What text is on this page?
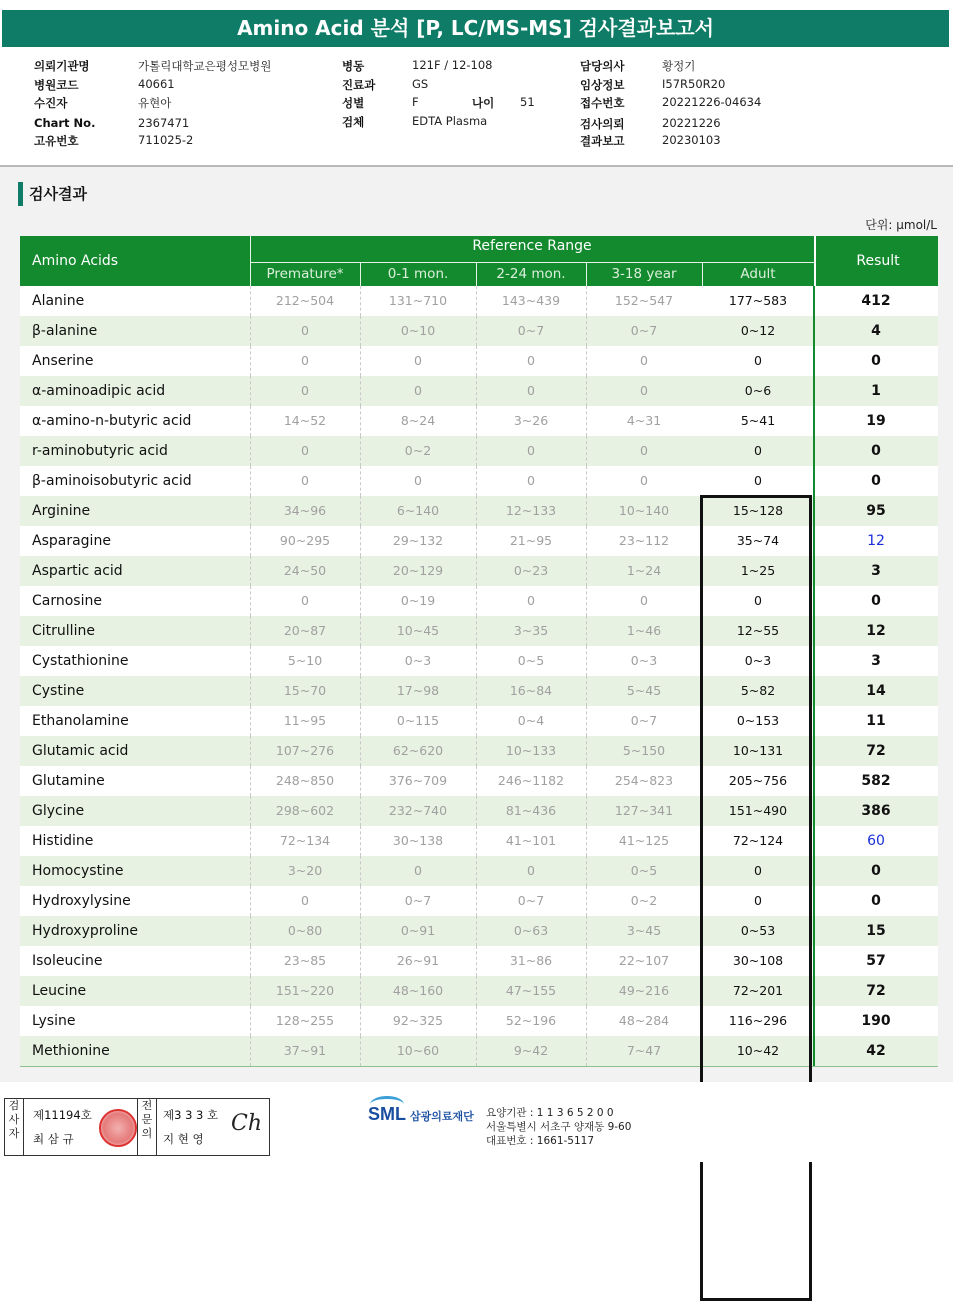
Amino Acid 분석 [P, LC/MS-MS] 검사결과보고서
의뢰기관명	가톨릭대학교은평성모병원
병원코드	40661
수진자	유현아
Chart No.	2367471
고유번호	711025-2
병동	121F / 12-108
진료과	GS
성별	F
검체	EDTA Plasma
담당의사	황정기
임상정보	I57R50R20
접수번호	20221226-04634
검사의뢰	20221226
결과보고	20230103
나이 51
검사결과
단위: μmol/L
Amino Acids
Reference Range
Result
Premature*	0-1 mon.	2-24 mon.	3-18 year	Adult
Alanine	212~504	131~710	143~439	152~547	177~583	412
β-alanine	0	0~10	0~7	0~7	0~12	4
Anserine	0	0	0	0	0	0
α-aminoadipic acid	0	0	0	0	0~6	1
α-amino-n-butyric acid	14~52	8~24	3~26	4~31	5~41	19
r-aminobutyric acid	0	0~2	0	0	0	0
β-aminoisobutyric acid	0	0	0	0	0	0
Arginine	34~96	6~140	12~133	10~140	15~128	95
Asparagine	90~295	29~132	21~95	23~112	35~74	12
Aspartic acid	24~50	20~129	0~23	1~24	1~25	3
Carnosine	0	0~19	0	0	0	0
Citrulline	20~87	10~45	3~35	1~46	12~55	12
Cystathionine	5~10	0~3	0~5	0~3	0~3	3
Cystine	15~70	17~98	16~84	5~45	5~82	14
Ethanolamine	11~95	0~115	0~4	0~7	0~153	11
Glutamic acid	107~276	62~620	10~133	5~150	10~131	72
Glutamine	248~850	376~709	246~1182	254~823	205~756	582
Glycine	298~602	232~740	81~436	127~341	151~490	386
Histidine	72~134	30~138	41~101	41~125	72~124	60
Homocystine	3~20	0	0	0~5	0	0
Hydroxylysine	0	0~7	0~7	0~2	0	0
Hydroxyproline	0~80	0~91	0~63	3~45	0~53	15
Isoleucine	23~85	26~91	31~86	22~107	30~108	57
Leucine	151~220	48~160	47~155	49~216	72~201	72
Lysine	128~255	92~325	52~196	48~284	116~296	190
Methionine	37~91	10~60	9~42	7~47	10~42	42
검사자
제11194호
최 삼 규
전문의
제3 3 3 호
지 현 영
Ch	SML 삼광의료재단 요양기관 : 1 1 3 6 5 2 0 0
서울특별시 서초구 양재동 9-60
대표번호 : 1661-5117
